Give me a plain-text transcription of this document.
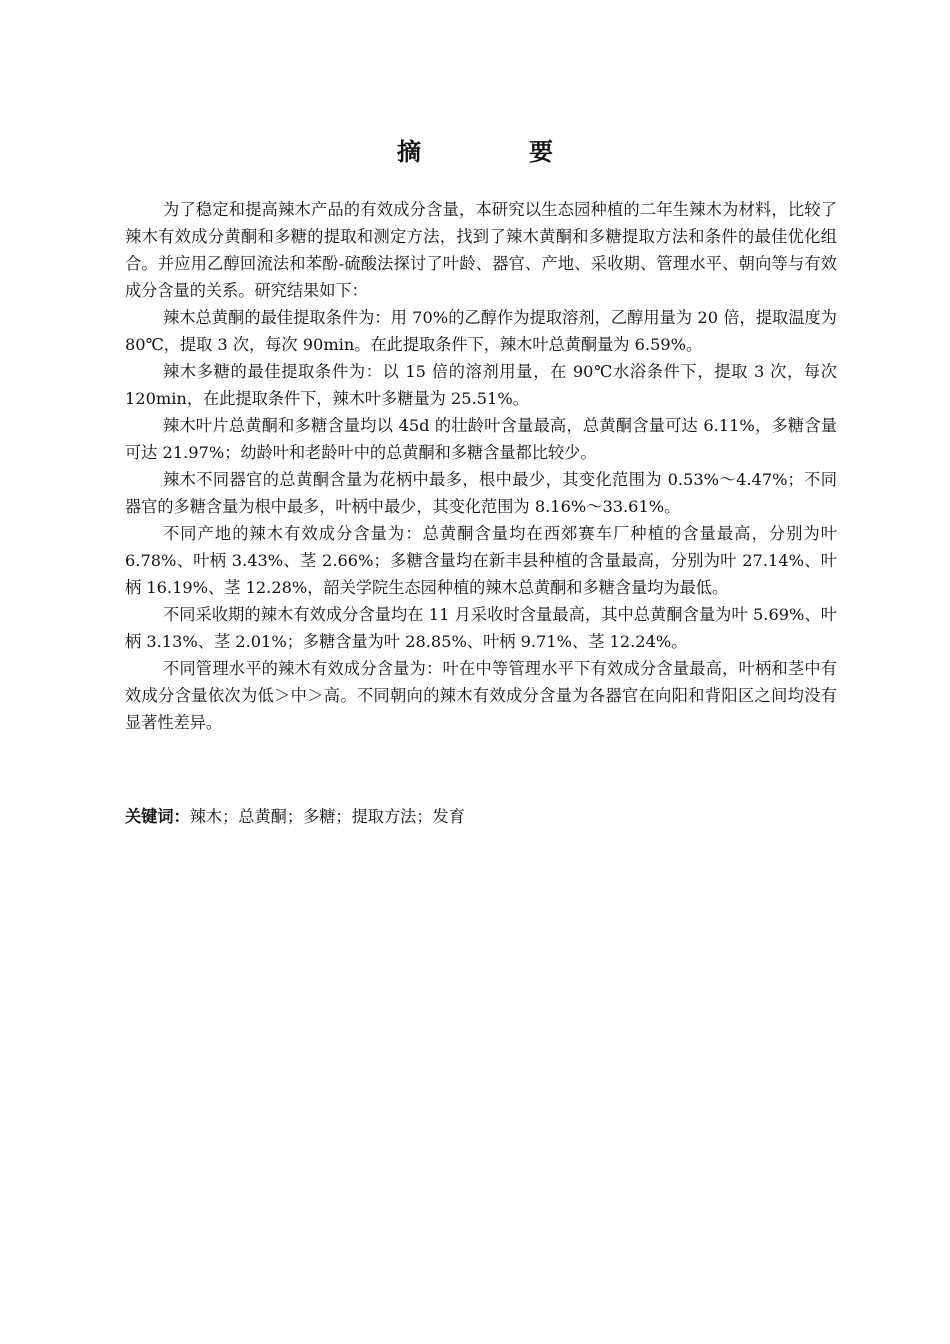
摘　要

为了稳定和提高辣木产品的有效成分含量，本研究以生态园种植的二年生辣木为材料，比较了辣木有效成分黄酮和多糖的提取和测定方法，找到了辣木黄酮和多糖提取方法和条件的最佳优化组合。并应用乙醇回流法和苯酚-硫酸法探讨了叶龄、器官、产地、采收期、管理水平、朝向等与有效成分含量的关系。研究结果如下：

辣木总黄酮的最佳提取条件为：用 70%的乙醇作为提取溶剂，乙醇用量为 20 倍，提取温度为 80℃，提取 3 次，每次 90min。在此提取条件下，辣木叶总黄酮量为 6.59%。

辣木多糖的最佳提取条件为：以 15 倍的溶剂用量，在 90℃水浴条件下，提取 3 次，每次 120min，在此提取条件下，辣木叶多糖量为 25.51%。

辣木叶片总黄酮和多糖含量均以 45d 的壮龄叶含量最高，总黄酮含量可达 6.11%，多糖含量可达 21.97%；幼龄叶和老龄叶中的总黄酮和多糖含量都比较少。

辣木不同器官的总黄酮含量为花柄中最多，根中最少，其变化范围为 0.53%～4.47%；不同器官的多糖含量为根中最多，叶柄中最少，其变化范围为 8.16%～33.61%。

不同产地的辣木有效成分含量为：总黄酮含量均在西郊赛车厂种植的含量最高，分别为叶 6.78%、叶柄 3.43%、茎 2.66%；多糖含量均在新丰县种植的含量最高，分别为叶 27.14%、叶柄 16.19%、茎 12.28%，韶关学院生态园种植的辣木总黄酮和多糖含量均为最低。

不同采收期的辣木有效成分含量均在 11 月采收时含量最高，其中总黄酮含量为叶 5.69%、叶柄 3.13%、茎 2.01%；多糖含量为叶 28.85%、叶柄 9.71%、茎 12.24%。

不同管理水平的辣木有效成分含量为：叶在中等管理水平下有效成分含量最高，叶柄和茎中有效成分含量依次为低＞中＞高。不同朝向的辣木有效成分含量为各器官在向阳和背阳区之间均没有显著性差异。

关键词：辣木；总黄酮；多糖；提取方法；发育
